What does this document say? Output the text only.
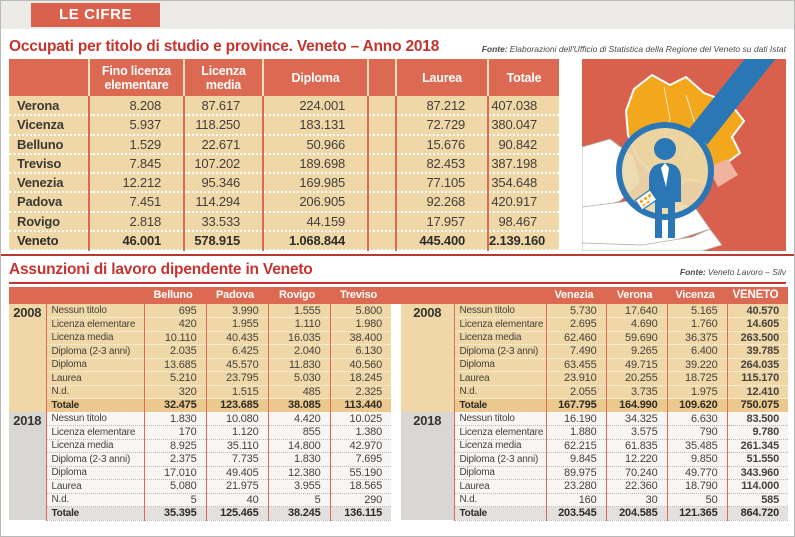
LE CIFRE
Occupati per titolo di studio e province. Veneto – Anno 2018	Fonte: Elaborazioni dell'Ufficio di Statistica della Regione del Veneto su dati Istat
	Fino licenza elementare	Licenza media	Diploma		Laurea	Totale
Verona	8.208	87.617	224.001		87.212	407.038
Vicenza	5.937	118.250	183.131		72.729	380.047
Belluno	1.529	22.671	50.966		15.676	90.842
Treviso	7.845	107.202	189.698		82.453	387.198
Venezia	12.212	95.346	169.985		77.105	354.648
Padova	7.451	114.294	206.905		92.268	420.917
Rovigo	2.818	33.533	44.159		17.957	98.467
Veneto	46.001	578.915	1.068.844		445.400	2.139.160
Assunzioni di lavoro dipendente in Veneto	Fonte: Veneto Lavoro – Silv
		Belluno	Padova	Rovigo	Treviso
2008	Nessun titolo	695	3.990	1.555	5.800
	Licenza elementare	420	1.955	1.110	1.980
	Licenza media	10.110	40.435	16.035	38.400
	Diploma (2-3 anni)	2.035	6.425	2.040	6.130
	Diploma	13.685	45.570	11.830	40.560
	Laurea	5.210	23.795	5.030	18.245
	N.d.	320	1.515	485	2.325
	Totale	32.475	123.685	38.085	113.440
2018	Nessun titolo	1.830	10.080	4.420	10.025
	Licenza elementare	170	1.120	855	1.380
	Licenza media	8.925	35.110	14.800	42.970
	Diploma (2-3 anni)	2.375	7.735	1.830	7.695
	Diploma	17.010	49.405	12.380	55.190
	Laurea	5.080	21.975	3.955	18.565
	N.d.	5	40	5	290
	Totale	35.395	125.465	38.245	136.115
		Venezia	Verona	Vicenza	VENETO
2008	Nessun titolo	5.730	17.640	5.165	40.570
	Licenza elementare	2.695	4.690	1.760	14.605
	Licenza media	62.460	59.690	36.375	263.500
	Diploma (2-3 anni)	7.490	9.265	6.400	39.785
	Diploma	63.455	49.715	39.220	264.035
	Laurea	23.910	20.255	18.725	115.170
	N.d.	2.055	3.735	1.975	12.410
	Totale	167.795	164.990	109.620	750.075
2018	Nessun titolo	16.190	34.325	6.630	83.500
	Licenza elementare	1.880	3.575	790	9.780
	Licenza media	62.215	61.835	35.485	261.345
	Diploma (2-3 anni)	9.845	12.220	9.850	51.550
	Diploma	89.975	70.240	49.770	343.960
	Laurea	23.280	22.360	18.790	114.000
	N.d.	160	30	50	585
	Totale	203.545	204.585	121.365	864.720
